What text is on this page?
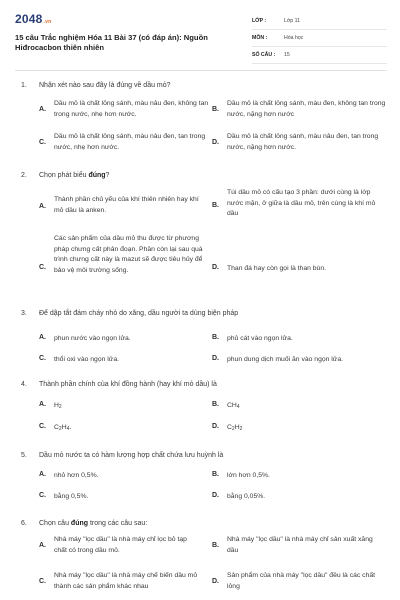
2048.vn
15 câu Trắc nghiệm Hóa 11 Bài 37 (có đáp án): Nguồn Hiđrocacbon thiên nhiên
LỚP :	Lớp 11
MÔN :	Hóa học
SỐ CÂU : 15
1. Nhận xét nào sau đây là đúng về dầu mỏ?
A.
Dầu mỏ là chất lỏng sánh, màu nâu đen, không tan trong nước, nhẹ hơn nước.
B.
Dầu mỏ là chất lỏng sánh, màu đen, không tan trong nước, nặng hơn nước
C.
Dầu mỏ là chất lỏng sánh, màu nâu đen, tan trong nước, nhẹ hơn nước.
D.
Dầu mỏ là chất lỏng sánh, màu nâu đen, tan trong nước, nặng hơn nước.
2. Chọn phát biểu đúng?
A.
Thành phần chủ yếu của khí thiên nhiên hay khí mỏ dầu là anken.
B.
Túi dầu mỏ có cấu tạo 3 phần: dưới cùng là lớp nước mặn, ở giữa là dầu mỏ, trên cùng là khí mỏ dầu
C.
Các sản phẩm của dầu mỏ thu được từ phương pháp chưng cất phân đoạn. Phần còn lại sau quá trình chưng cất này là mazut sẽ được tiêu hủy để bảo vệ môi trường sống.	D. Than đá hay còn gọi là than bùn.
3. Để dập tắt đám cháy nhỏ do xăng, dầu người ta dùng biện pháp
A. phun nước vào ngọn lửa.	B. phủ cát vào ngọn lửa.
C. thổi oxi vào ngọn lửa.	D. phun dung dịch muối ăn vào ngọn lửa.
4. Thành phần chính của khí đồng hành (hay khí mỏ dầu) là
A. $H_2$	B. $CH_4$
C. $C_2H_4$.	D. $C_2H_2$
5. Dầu mỏ nước ta có hàm lượng hợp chất chứa lưu huỳnh là
A. nhỏ hơn 0,5%.	B. lớn hơn 0,5%.
C. bằng 0,5%.	D. bằng 0,05%.
6. Chọn câu đúng trong các câu sau:
A.
Nhà máy "lọc dầu" là nhà máy chỉ lọc bỏ tạp chất có trong dầu mỏ.
B.
Nhà máy "lọc dầu" là nhà máy chỉ sản xuất xăng dầu
C.
Nhà máy "lọc dầu" là nhà máy chế biến dầu mỏ thành các sản phẩm khác nhau
D.
Sản phẩm của nhà máy "lọc dầu" đều là các chất lỏng
